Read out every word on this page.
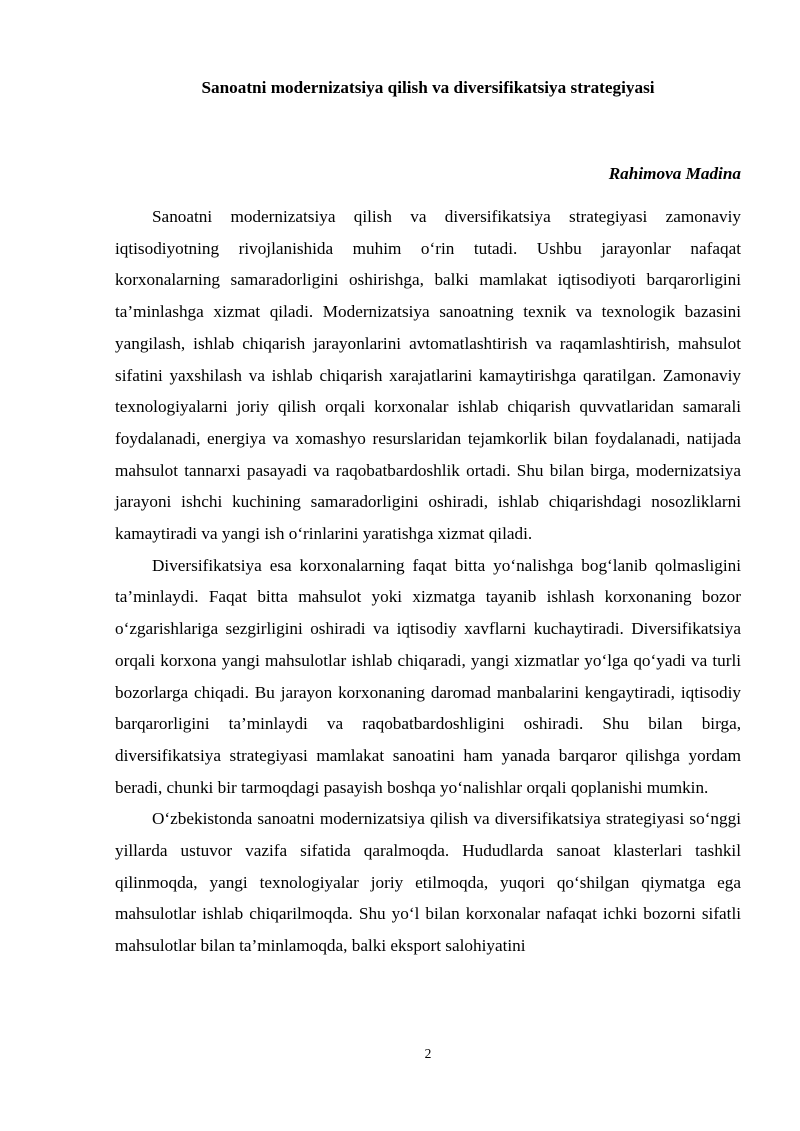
Sanoatni modernizatsiya qilish va diversifikatsiya strategiyasi

Rahimova Madina

Sanoatni modernizatsiya qilish va diversifikatsiya strategiyasi zamonaviy iqtisodiyotning rivojlanishida muhim o‘rin tutadi. Ushbu jarayonlar nafaqat korxonalarning samaradorligini oshirishga, balki mamlakat iqtisodiyoti barqarorligini ta’minlashga xizmat qiladi. Modernizatsiya sanoatning texnik va texnologik bazasini yangilash, ishlab chiqarish jarayonlarini avtomatlashtirish va raqamlashtirish, mahsulot sifatini yaxshilash va ishlab chiqarish xarajatlarini kamaytirishga qaratilgan. Zamonaviy texnologiyalarni joriy qilish orqali korxonalar ishlab chiqarish quvvatlaridan samarali foydalanadi, energiya va xomashyo resurslaridan tejamkorlik bilan foydalanadi, natijada mahsulot tannarxi pasayadi va raqobatbardoshlik ortadi. Shu bilan birga, modernizatsiya jarayoni ishchi kuchining samaradorligini oshiradi, ishlab chiqarishdagi nosozliklarni kamaytiradi va yangi ish o‘rinlarini yaratishga xizmat qiladi.

Diversifikatsiya esa korxonalarning faqat bitta yo‘nalishga bog‘lanib qolmasligini ta’minlaydi. Faqat bitta mahsulot yoki xizmatga tayanib ishlash korxonaning bozor o‘zgarishlariga sezgirligini oshiradi va iqtisodiy xavflarni kuchaytiradi. Diversifikatsiya orqali korxona yangi mahsulotlar ishlab chiqaradi, yangi xizmatlar yo‘lga qo‘yadi va turli bozorlarga chiqadi. Bu jarayon korxonaning daromad manbalarini kengaytiradi, iqtisodiy barqarorligini ta’minlaydi va raqobatbardoshligini oshiradi. Shu bilan birga, diversifikatsiya strategiyasi mamlakat sanoatini ham yanada barqaror qilishga yordam beradi, chunki bir tarmoqdagi pasayish boshqa yo‘nalishlar orqali qoplanishi mumkin.

O‘zbekistonda sanoatni modernizatsiya qilish va diversifikatsiya strategiyasi so‘nggi yillarda ustuvor vazifa sifatida qaralmoqda. Hududlarda sanoat klasterlari tashkil qilinmoqda, yangi texnologiyalar joriy etilmoqda, yuqori qo‘shilgan qiymatga ega mahsulotlar ishlab chiqarilmoqda. Shu yo‘l bilan korxonalar nafaqat ichki bozorni sifatli mahsulotlar bilan ta’minlamoqda, balki eksport salohiyatini

2
